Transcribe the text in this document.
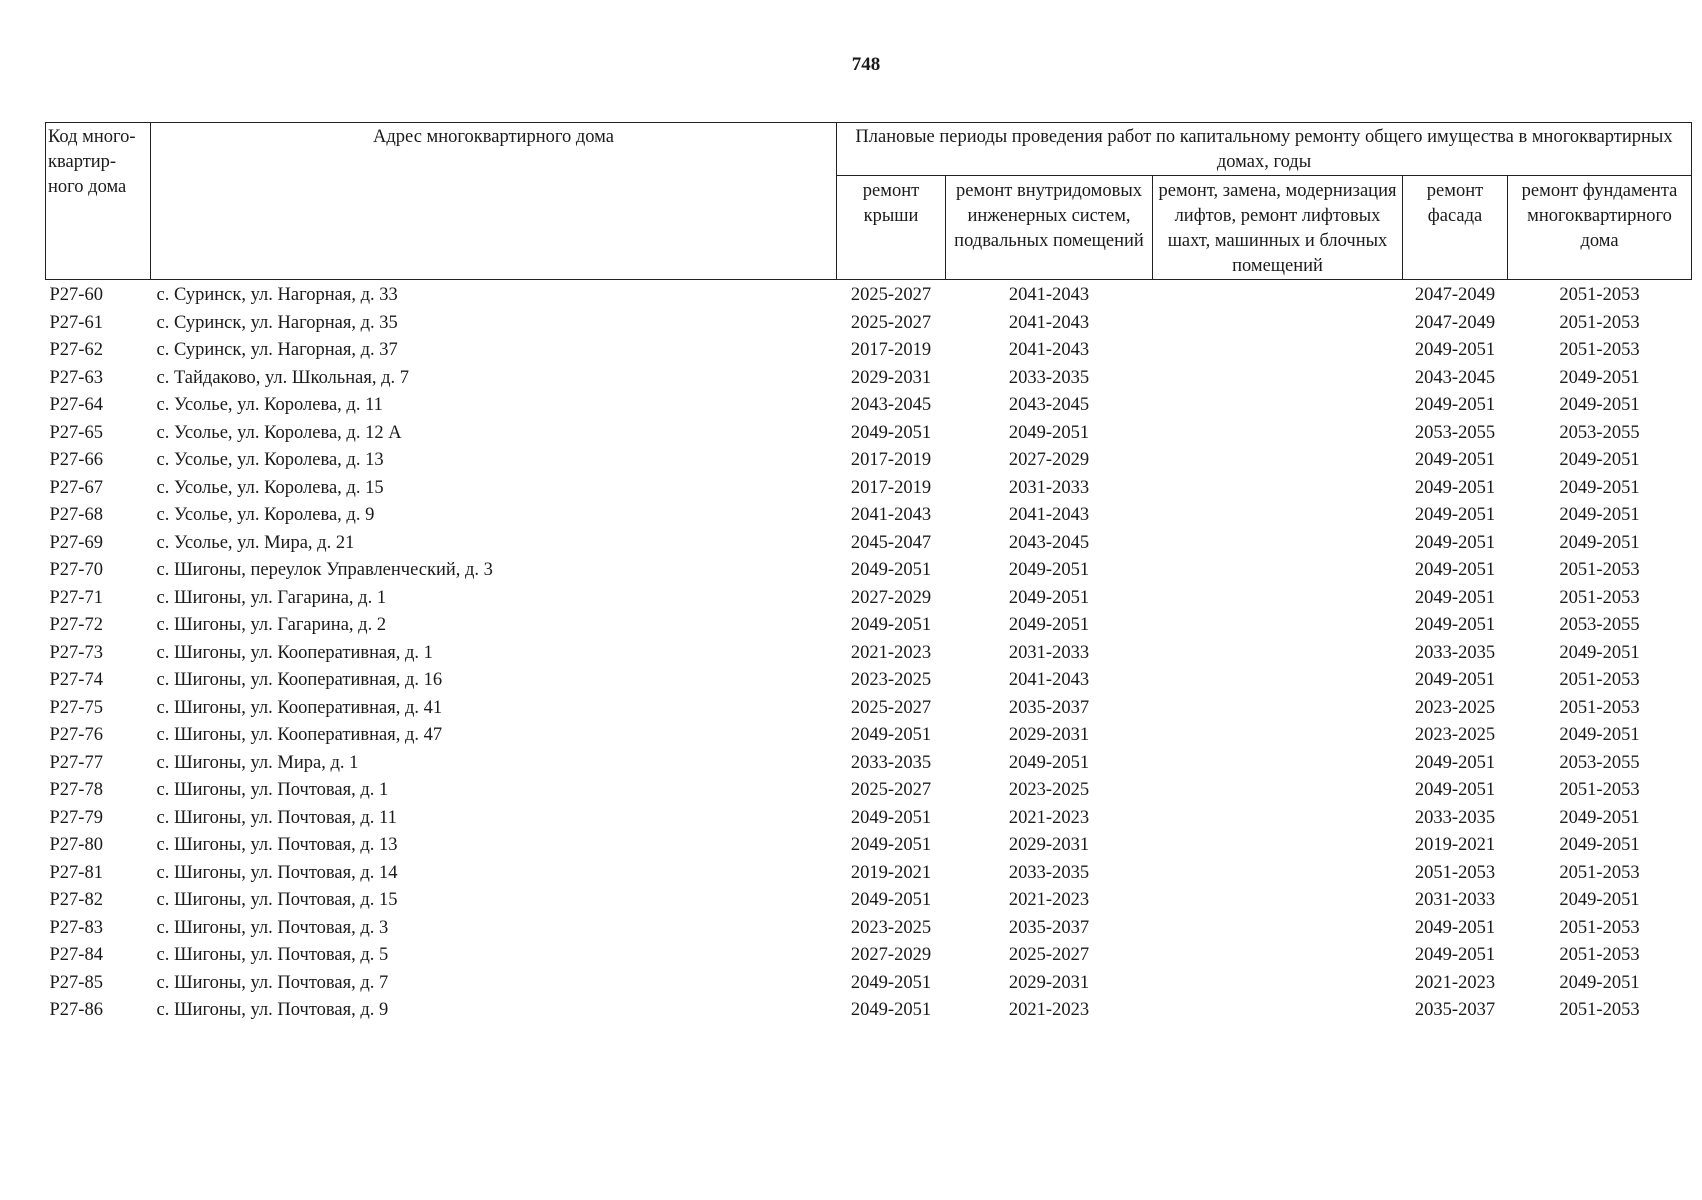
748
Код много-квартир-ного дома	Адрес многоквартирного дома	Плановые периоды проведения работ по капитальному ремонту общего имущества в многоквартирных домах, годы				
		ремонт крыши	ремонт внутридомовых инженерных систем, подвальных помещений	ремонт, замена, модернизация лифтов, ремонт лифтовых шахт, машинных и блочных помещений	ремонт фасада	ремонт фундамента многоквартирного дома
Р27-60	с. Суринск, ул. Нагорная, д. 33	2025-2027	2041-2043		2047-2049	2051-2053
Р27-61	с. Суринск, ул. Нагорная, д. 35	2025-2027	2041-2043		2047-2049	2051-2053
Р27-62	с. Суринск, ул. Нагорная, д. 37	2017-2019	2041-2043		2049-2051	2051-2053
Р27-63	с. Тайдаково, ул. Школьная, д. 7	2029-2031	2033-2035		2043-2045	2049-2051
Р27-64	с. Усолье, ул. Королева, д. 11	2043-2045	2043-2045		2049-2051	2049-2051
Р27-65	с. Усолье, ул. Королева, д. 12 А	2049-2051	2049-2051		2053-2055	2053-2055
Р27-66	с. Усолье, ул. Королева, д. 13	2017-2019	2027-2029		2049-2051	2049-2051
Р27-67	с. Усолье, ул. Королева, д. 15	2017-2019	2031-2033		2049-2051	2049-2051
Р27-68	с. Усолье, ул. Королева, д. 9	2041-2043	2041-2043		2049-2051	2049-2051
Р27-69	с. Усолье, ул. Мира, д. 21	2045-2047	2043-2045		2049-2051	2049-2051
Р27-70	с. Шигоны, переулок Управленческий, д. 3	2049-2051	2049-2051		2049-2051	2051-2053
Р27-71	с. Шигоны, ул. Гагарина, д. 1	2027-2029	2049-2051		2049-2051	2051-2053
Р27-72	с. Шигоны, ул. Гагарина, д. 2	2049-2051	2049-2051		2049-2051	2053-2055
Р27-73	с. Шигоны, ул. Кооперативная, д. 1	2021-2023	2031-2033		2033-2035	2049-2051
Р27-74	с. Шигоны, ул. Кооперативная, д. 16	2023-2025	2041-2043		2049-2051	2051-2053
Р27-75	с. Шигоны, ул. Кооперативная, д. 41	2025-2027	2035-2037		2023-2025	2051-2053
Р27-76	с. Шигоны, ул. Кооперативная, д. 47	2049-2051	2029-2031		2023-2025	2049-2051
Р27-77	с. Шигоны, ул. Мира, д. 1	2033-2035	2049-2051		2049-2051	2053-2055
Р27-78	с. Шигоны, ул. Почтовая, д. 1	2025-2027	2023-2025		2049-2051	2051-2053
Р27-79	с. Шигоны, ул. Почтовая, д. 11	2049-2051	2021-2023		2033-2035	2049-2051
Р27-80	с. Шигоны, ул. Почтовая, д. 13	2049-2051	2029-2031		2019-2021	2049-2051
Р27-81	с. Шигоны, ул. Почтовая, д. 14	2019-2021	2033-2035		2051-2053	2051-2053
Р27-82	с. Шигоны, ул. Почтовая, д. 15	2049-2051	2021-2023		2031-2033	2049-2051
Р27-83	с. Шигоны, ул. Почтовая, д. 3	2023-2025	2035-2037		2049-2051	2051-2053
Р27-84	с. Шигоны, ул. Почтовая, д. 5	2027-2029	2025-2027		2049-2051	2051-2053
Р27-85	с. Шигоны, ул. Почтовая, д. 7	2049-2051	2029-2031		2021-2023	2049-2051
Р27-86	с. Шигоны, ул. Почтовая, д. 9	2049-2051	2021-2023		2035-2037	2051-2053
